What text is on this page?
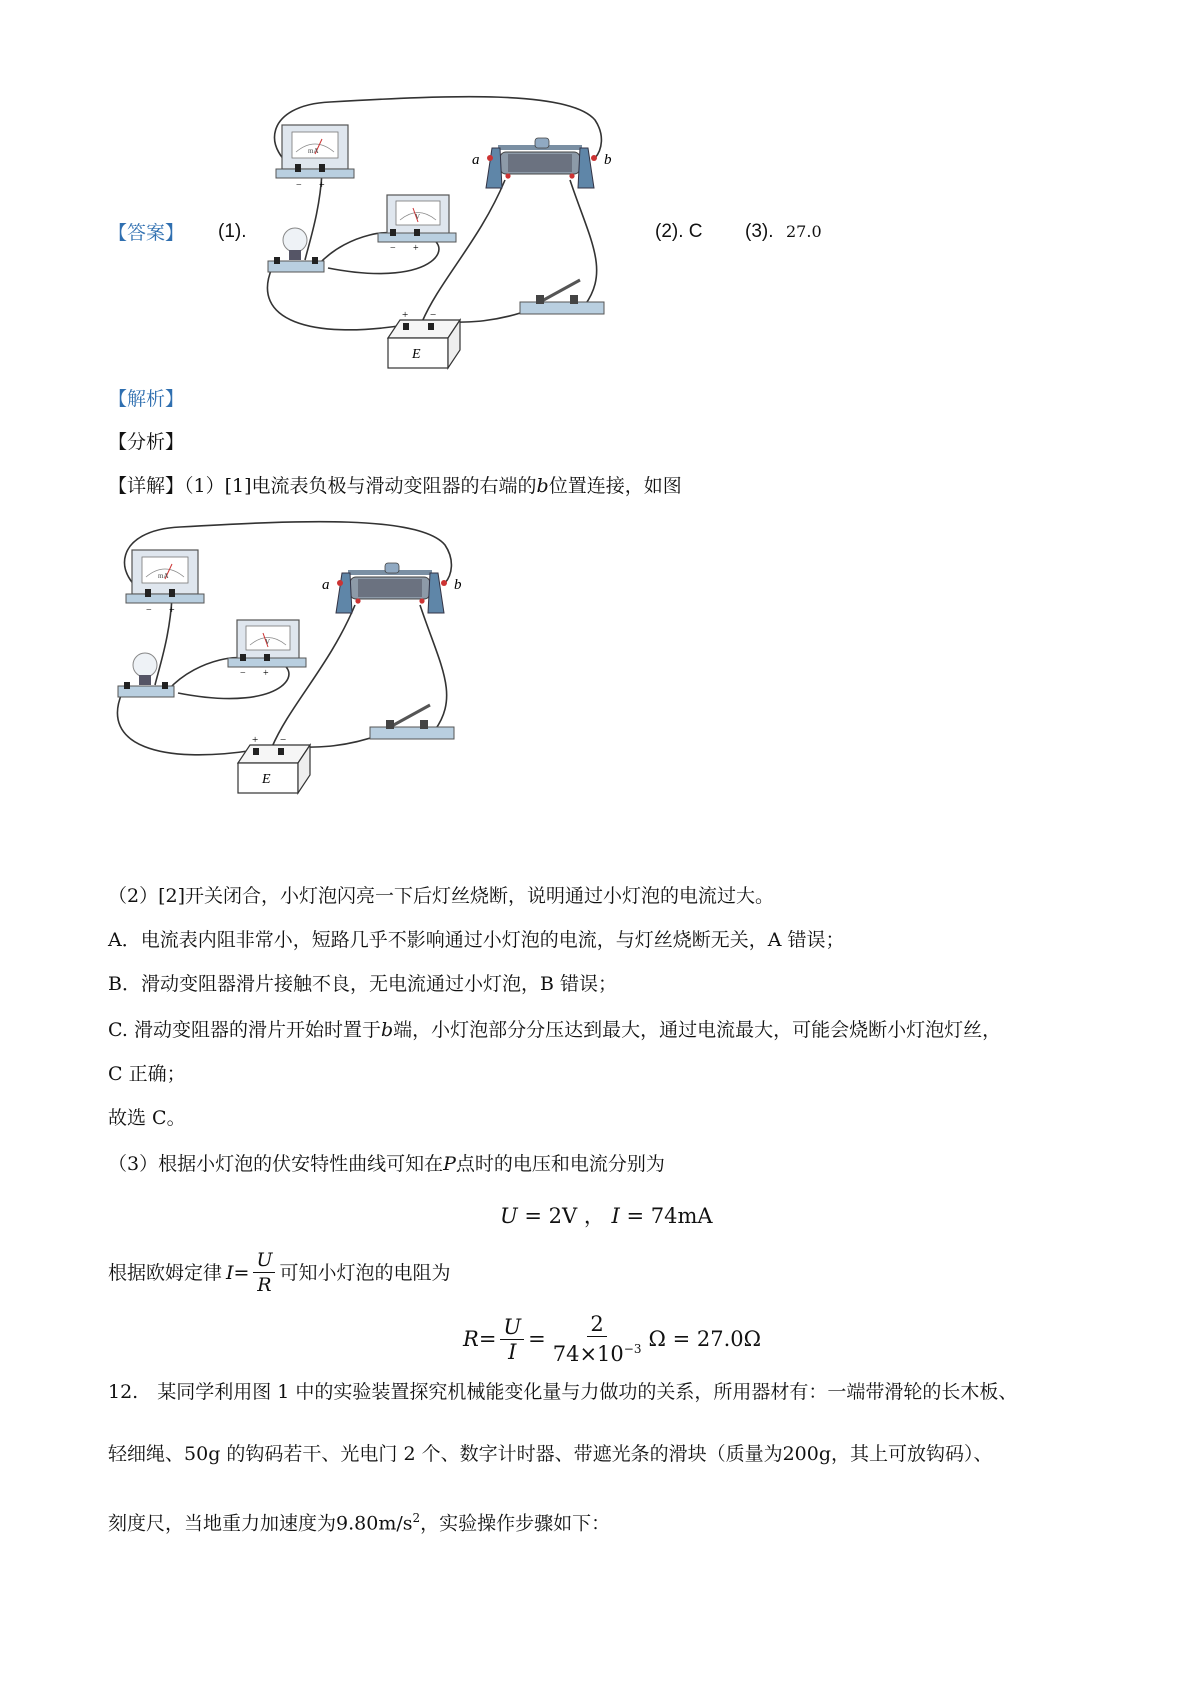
【答案】 (1).	(2). C (3). 27.0
mA
− +
V
− +
a	b
+ −
E
【解析】
【分析】
【详解】（1）[1]电流表负极与滑动变阻器的右端的b位置连接，如图
mA
− +
V
− +
a	b
+ −
E
（2）[2]开关闭合，小灯泡闪亮一下后灯丝烧断，说明通过小灯泡的电流过大。
A．电流表内阻非常小，短路几乎不影响通过小灯泡的电流，与灯丝烧断无关，A 错误；
B．滑动变阻器滑片接触不良，无电流通过小灯泡，B 错误；
C. 滑动变阻器的滑片开始时置于b端，小灯泡部分分压达到最大，通过电流最大，可能会烧断小灯泡灯丝，
C 正确；
故选 C。
（3）根据小灯泡的伏安特性曲线可知在P点时的电压和电流分别为
U = 2V ， I = 74mA
根据欧姆定律 $I = \frac{U}{R}$ 可知小灯泡的电阻为
$R = \frac{U}{I} = \frac{2}{74\times 10^{-3}}$ Ω = 27.0Ω
12.　某同学利用图 1 中的实验装置探究机械能变化量与力做功的关系，所用器材有：一端带滑轮的长木板、
轻细绳、50g 的钩码若干、光电门 2 个、数字计时器、带遮光条的滑块（质量为200g，其上可放钩码）、
刻度尺，当地重力加速度为$9.80m/s^2$，实验操作步骤如下：
